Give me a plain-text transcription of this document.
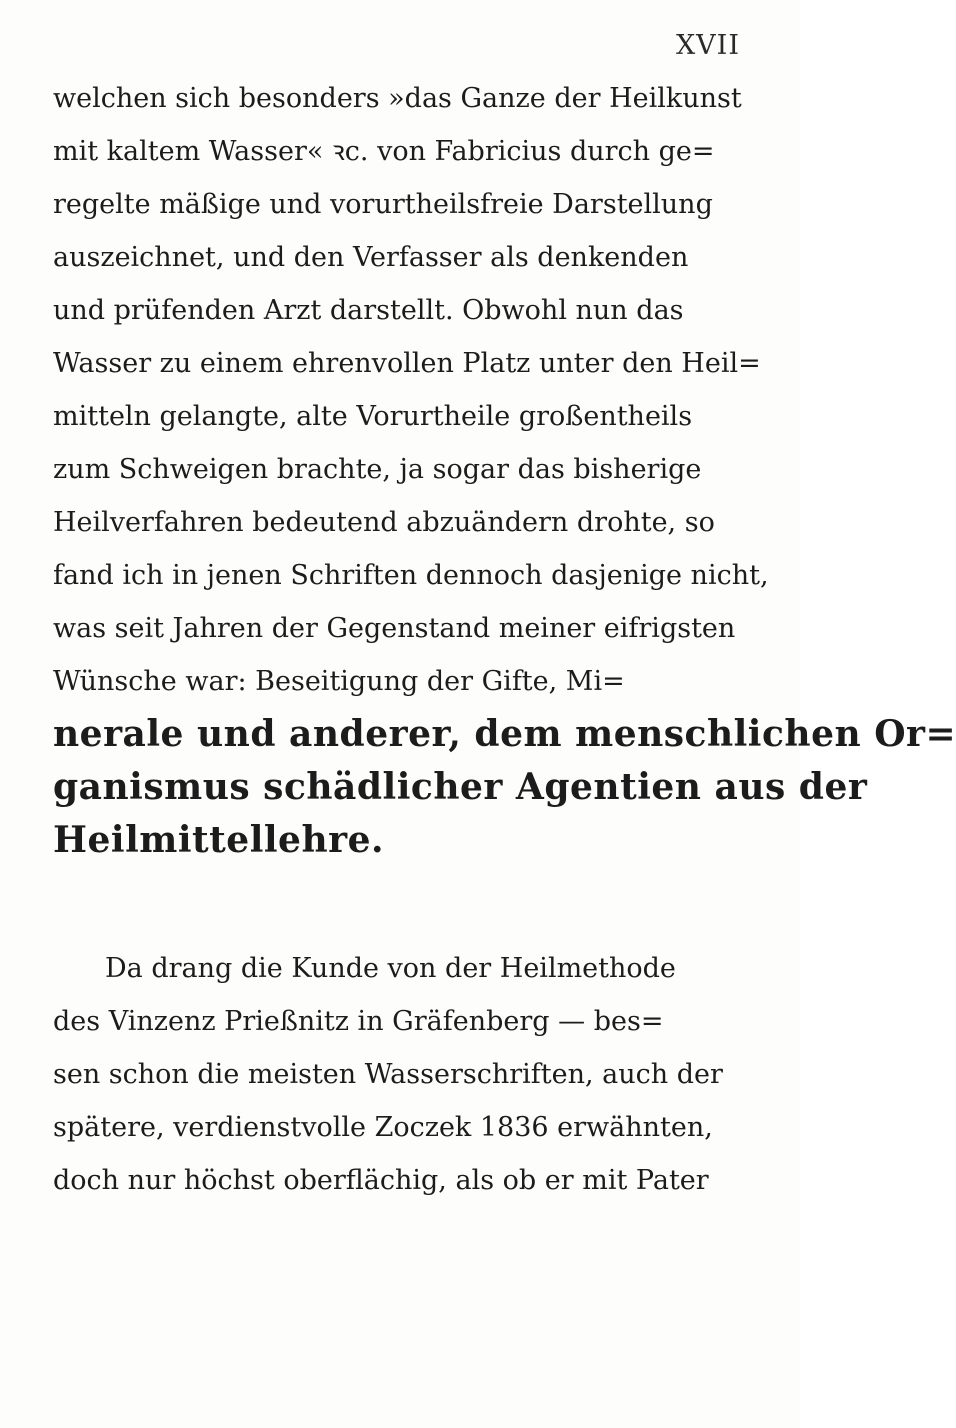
XVII
welchen sich besonders »das Ganze der Heilkunst
mit kaltem Wasser« ꝛc. von Fabricius durch ge=
regelte mäßige und vorurtheilsfreie Darstellung
auszeichnet, und den Verfasser als denkenden
und prüfenden Arzt darstellt. Obwohl nun das
Wasser zu einem ehrenvollen Platz unter den Heil=
mitteln gelangte, alte Vorurtheile großentheils
zum Schweigen brachte, ja sogar das bisherige
Heilverfahren bedeutend abzuändern drohte, so
fand ich in jenen Schriften dennoch dasjenige nicht,
was seit Jahren der Gegenstand meiner eifrigsten
Wünsche war: Beseitigung der Gifte, Mi=
nerale und anderer, dem menschlichen Or=
ganismus schädlicher Agentien aus der
Heilmittellehre.
Da drang die Kunde von der Heilmethode
des Vinzenz Prießnitz in Gräfenberg — bes=
sen schon die meisten Wasserschriften, auch der
spätere, verdienstvolle Zoczek 1836 erwähnten,
doch nur höchst oberflächig, als ob er mit Pater
